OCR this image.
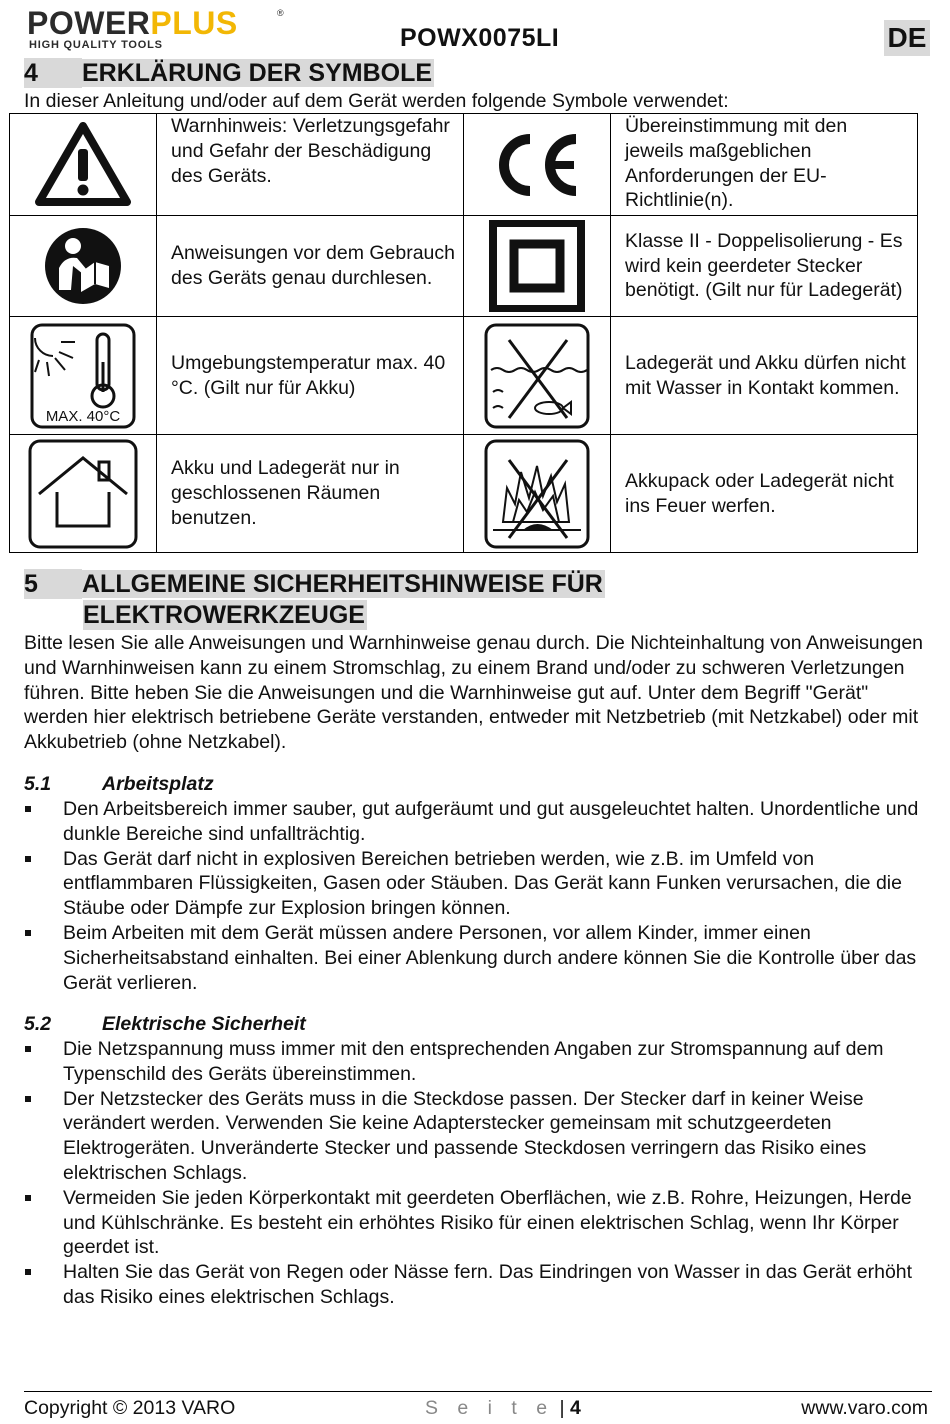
POWERPLUS	®
HIGH QUALITY TOOLS	POWX0075LI	DE
4 ERKLÄRUNG DER SYMBOLE
In dieser Anleitung und/oder auf dem Gerät werden folgende Symbole verwendet:
	Warnhinweis: Verletzungsgefahr und Gefahr der Beschädigung des Geräts.		Übereinstimmung mit den jeweils maßgeblichen Anforderungen der EU-Richtlinie(n).

	Anweisungen vor dem Gebrauch des Geräts genau durchlesen.		Klasse II - Doppelisolierung - Es wird kein geerdeter Stecker benötigt. (Gilt nur für Ladegerät)

MAX. 40°C	Umgebungstemperatur max. 40 °C. (Gilt nur für Akku)		Ladegerät und Akku dürfen nicht mit Wasser in Kontakt kommen.

	Akku und Ladegerät nur in geschlossenen Räumen benutzen.		Akkupack oder Ladegerät nicht ins Feuer werfen.
5 ALLGEMEINE SICHERHEITSHINWEISE FÜR
ELEKTROWERKZEUGE
Bitte lesen Sie alle Anweisungen und Warnhinweise genau durch. Die Nichteinhaltung von Anweisungen und Warnhinweisen kann zu einem Stromschlag, zu einem Brand und/oder zu schweren Verletzungen führen. Bitte heben Sie die Anweisungen und die Warnhinweise gut auf. Unter dem Begriff "Gerät" werden hier elektrisch betriebene Geräte verstanden, entweder mit Netzbetrieb (mit Netzkabel) oder mit Akkubetrieb (ohne Netzkabel).
5.1	Arbeitsplatz
Den Arbeitsbereich immer sauber, gut aufgeräumt und gut ausgeleuchtet halten. Unordentliche und dunkle Bereiche sind unfallträchtig.
Das Gerät darf nicht in explosiven Bereichen betrieben werden, wie z.B. im Umfeld von entflammbaren Flüssigkeiten, Gasen oder Stäuben. Das Gerät kann Funken verursachen, die die Stäube oder Dämpfe zur Explosion bringen können.
Beim Arbeiten mit dem Gerät müssen andere Personen, vor allem Kinder, immer einen Sicherheitsabstand einhalten. Bei einer Ablenkung durch andere können Sie die Kontrolle über das Gerät verlieren.
5.2	Elektrische Sicherheit
Die Netzspannung muss immer mit den entsprechenden Angaben zur Stromspannung auf dem Typenschild des Geräts übereinstimmen.
Der Netzstecker des Geräts muss in die Steckdose passen. Der Stecker darf in keiner Weise verändert werden. Verwenden Sie keine Adapterstecker gemeinsam mit schutzgeerdeten Elektrogeräten. Unveränderte Stecker und passende Steckdosen verringern das Risiko eines elektrischen Schlags.
Vermeiden Sie jeden Körperkontakt mit geerdeten Oberflächen, wie z.B. Rohre, Heizungen, Herde und Kühlschränke. Es besteht ein erhöhtes Risiko für einen elektrischen Schlag, wenn Ihr Körper geerdet ist.
Halten Sie das Gerät von Regen oder Nässe fern. Das Eindringen von Wasser in das Gerät erhöht das Risiko eines elektrischen Schlags.
Copyright © 2013 VARO	S e i t e | 4	www.varo.com
